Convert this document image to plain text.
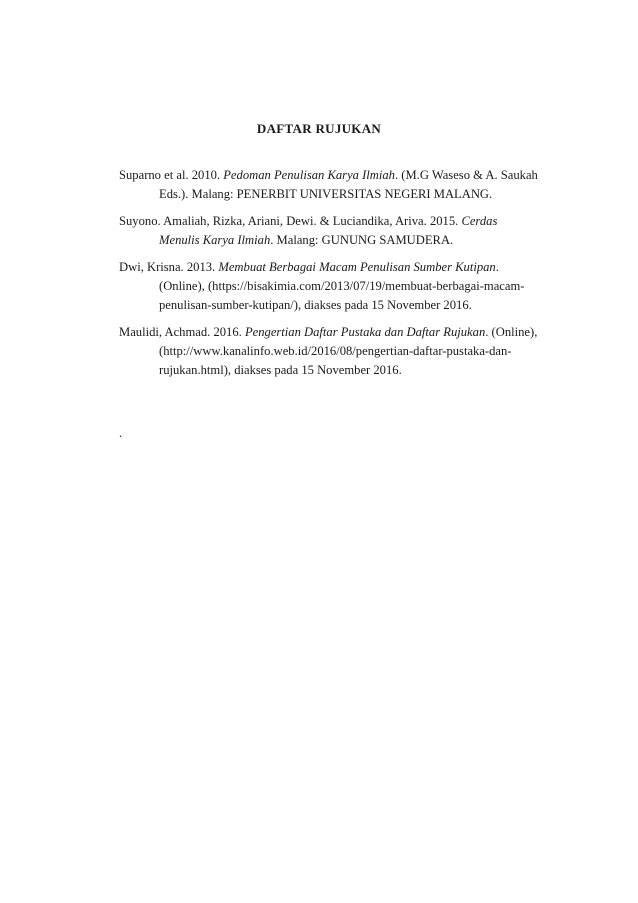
DAFTAR RUJUKAN

Suparno et al. 2010. Pedoman Penulisan Karya Ilmiah. (M.G Waseso & A. Saukah Eds.). Malang: PENERBIT UNIVERSITAS NEGERI MALANG.

Suyono. Amaliah, Rizka, Ariani, Dewi. & Luciandika, Ariva. 2015. Cerdas Menulis Karya Ilmiah. Malang: GUNUNG SAMUDERA.

Dwi, Krisna. 2013. Membuat Berbagai Macam Penulisan Sumber Kutipan. (Online), (https://bisakimia.com/2013/07/19/membuat-berbagai-macam-penulisan-sumber-kutipan/), diakses pada 15 November 2016.

Maulidi, Achmad. 2016. Pengertian Daftar Pustaka dan Daftar Rujukan. (Online), (http://www.kanalinfo.web.id/2016/08/pengertian-daftar-pustaka-dan-rujukan.html), diakses pada 15 November 2016.

.
